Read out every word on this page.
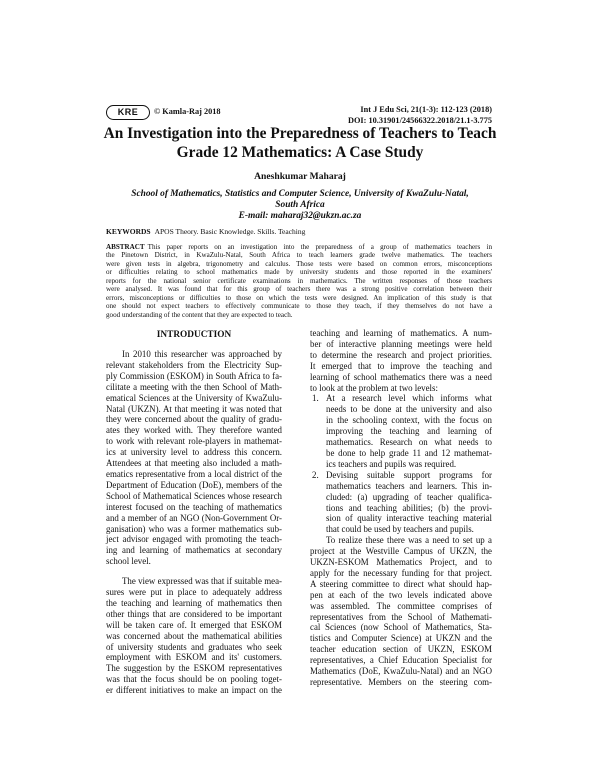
KRE	© Kamla-Raj 2018	Int J Edu Sci, 21(1-3): 112-123 (2018)
DOI: 10.31901/24566322.2018/21.1-3.775
An Investigation into the Preparedness of Teachers to Teach
Grade 12 Mathematics: A Case Study
Aneshkumar Maharaj
School of Mathematics, Statistics and Computer Science, University of KwaZulu-Natal,
South Africa
E-mail: maharaj32@ukzn.ac.za
KEYWORDS APOS Theory. Basic Knowledge. Skills. Teaching
ABSTRACT This paper reports on an investigation into the preparedness of a group of mathematics teachers in
the Pinetown District, in KwaZulu-Natal, South Africa to teach learners grade twelve mathematics. The teachers
were given tests in algebra, trigonometry and calculus. Those tests were based on common errors, misconceptions
or difficulties relating to school mathematics made by university students and those reported in the examiners'
reports for the national senior certificate examinations in mathematics. The written responses of those teachers
were analysed. It was found that for this group of teachers there was a strong positive correlation between their
errors, misconceptions or difficulties to those on which the tests were designed. An implication of this study is that
one should not expect teachers to effectively communicate to those they teach, if they themselves do not have a
good understanding of the content that they are expected to teach.
INTRODUCTION
In 2010 this researcher was approached by
relevant stakeholders from the Electricity Sup-
ply Commission (ESKOM) in South Africa to fa-
cilitate a meeting with the then School of Math-
ematical Sciences at the University of KwaZulu-
Natal (UKZN). At that meeting it was noted that
they were concerned about the quality of gradu-
ates they worked with. They therefore wanted
to work with relevant role-players in mathemat-
ics at university level to address this concern.
Attendees at that meeting also included a math-
ematics representative from a local district of the
Department of Education (DoE), members of the
School of Mathematical Sciences whose research
interest focused on the teaching of mathematics
and a member of an NGO (Non-Government Or-
ganisation) who was a former mathematics sub-
ject advisor engaged with promoting the teach-
ing and learning of mathematics at secondary
school level.
The view expressed was that if suitable mea-
sures were put in place to adequately address
the teaching and learning of mathematics then
other things that are considered to be important
will be taken care of. It emerged that ESKOM
was concerned about the mathematical abilities
of university students and graduates who seek
employment with ESKOM and its' customers.
The suggestion by the ESKOM representatives
was that the focus should be on pooling toget-
er different initiatives to make an impact on the
teaching and learning of mathematics. A num-
ber of interactive planning meetings were held
to determine the research and project priorities.
It emerged that to improve the teaching and
learning of school mathematics there was a need
to look at the problem at two levels:
1. At a research level which informs what
needs to be done at the university and also
in the schooling context, with the focus on
improving the teaching and learning of
mathematics. Research on what needs to
be done to help grade 11 and 12 mathemat-
ics teachers and pupils was required.
2. Devising suitable support programs for
mathematics teachers and learners. This in-
cluded: (a) upgrading of teacher qualifica-
tions and teaching abilities; (b) the provi-
sion of quality interactive teaching material
that could be used by teachers and pupils.
To realize these there was a need to set up a
project at the Westville Campus of UKZN, the
UKZN-ESKOM Mathematics Project, and to
apply for the necessary funding for that project.
A steering committee to direct what should hap-
pen at each of the two levels indicated above
was assembled. The committee comprises of
representatives from the School of Mathemati-
cal Sciences (now School of Mathematics, Sta-
tistics and Computer Science) at UKZN and the
teacher education section of UKZN, ESKOM
representatives, a Chief Education Specialist for
Mathematics (DoE, KwaZulu-Natal) and an NGO
representative. Members on the steering com-
